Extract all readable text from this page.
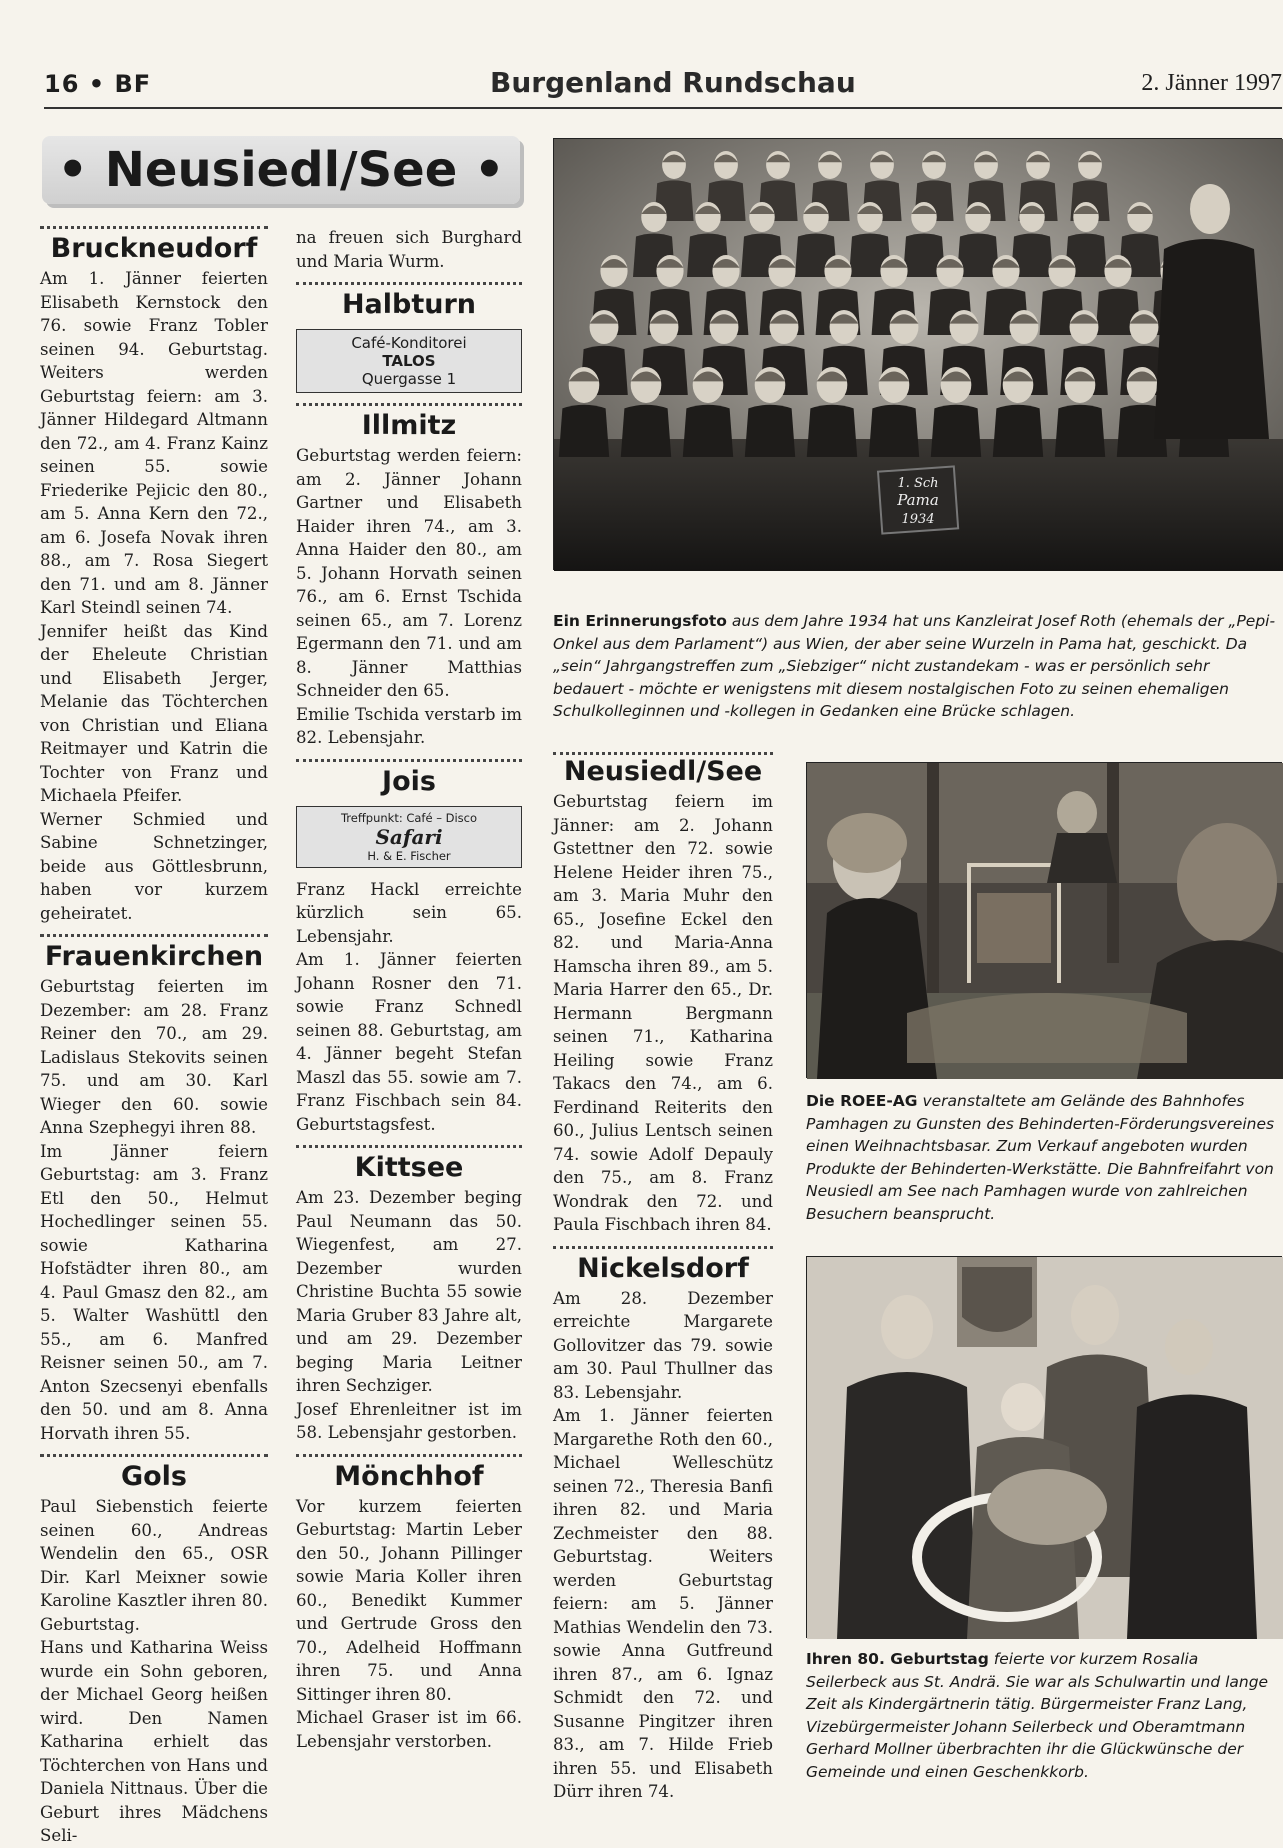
16 • BF	Burgenland Rundschau	2. Jänner 1997
• Neusiedl/See •
Bruckneudorf

Am 1. Jänner feierten Elisabeth Kernstock den 76. sowie Franz Tobler seinen 94. Geburtstag. Weiters werden Geburtstag feiern: am 3. Jänner Hildegard Altmann den 72., am 4. Franz Kainz seinen 55. sowie Friederike Pejicic den 80., am 5. Anna Kern den 72., am 6. Josefa Novak ihren 88., am 7. Rosa Siegert den 71. und am 8. Jänner Karl Steindl seinen 74.

Jennifer heißt das Kind der Eheleute Christian und Elisabeth Jerger, Melanie das Töchterchen von Christian und Eliana Reitmayer und Katrin die Tochter von Franz und Michaela Pfeifer.

Werner Schmied und Sabine Schnetzinger, beide aus Göttlesbrunn, haben vor kurzem geheiratet.

Frauenkirchen

Geburtstag feierten im Dezember: am 28. Franz Reiner den 70., am 29. Ladislaus Stekovits seinen 75. und am 30. Karl Wieger den 60. sowie Anna Szephegyi ihren 88.

Im Jänner feiern Geburtstag: am 3. Franz Etl den 50., Helmut Hochedlinger seinen 55. sowie Katharina Hofstädter ihren 80., am 4. Paul Gmasz den 82., am 5. Walter Washüttl den 55., am 6. Manfred Reisner seinen 50., am 7. Anton Szecsenyi ebenfalls den 50. und am 8. Anna Horvath ihren 55.

Gols

Paul Siebenstich feierte seinen 60., Andreas Wendelin den 65., OSR Dir. Karl Meixner sowie Karoline Kasztler ihren 80. Geburtstag.

Hans und Katharina Weiss wurde ein Sohn geboren, der Michael Georg heißen wird. Den Namen Katharina erhielt das Töchterchen von Hans und Daniela Nittnaus. Über die Geburt ihres Mädchens Seli-

na freuen sich Burghard und Maria Wurm.

Halbturn
Café-Konditorei
TALOS
Quergasse 1
Illmitz

Geburtstag werden feiern: am 2. Jänner Johann Gartner und Elisabeth Haider ihren 74., am 3. Anna Haider den 80., am 5. Johann Horvath seinen 76., am 6. Ernst Tschida seinen 65., am 7. Lorenz Egermann den 71. und am 8. Jänner Matthias Schneider den 65.

Emilie Tschida verstarb im 82. Lebensjahr.

Jois
Treffpunkt: Café – Disco
Safari
H. & E. Fischer

Franz Hackl erreichte kürzlich sein 65. Lebensjahr.

Am 1. Jänner feierten Johann Rosner den 71. sowie Franz Schnedl seinen 88. Geburtstag, am 4. Jänner begeht Stefan Maszl das 55. sowie am 7. Franz Fischbach sein 84. Geburtstagsfest.

Kittsee

Am 23. Dezember beging Paul Neumann das 50. Wiegenfest, am 27. Dezember wurden Christine Buchta 55 sowie Maria Gruber 83 Jahre alt, und am 29. Dezember beging Maria Leitner ihren Sechziger.

Josef Ehrenleitner ist im 58. Lebensjahr gestorben.

Mönchhof

Vor kurzem feierten Geburtstag: Martin Leber den 50., Johann Pillinger sowie Maria Koller ihren 60., Benedikt Kummer und Gertrude Gross den 70., Adelheid Hoffmann ihren 75. und Anna Sittinger ihren 80.

Michael Graser ist im 66. Lebensjahr verstorben.

1. Sch
Pama
1934
Ein Erinnerungsfoto aus dem Jahre 1934 hat uns Kanzleirat Josef Roth (ehemals der „Pepi-Onkel aus dem Parlament“) aus Wien, der aber seine Wurzeln in Pama hat, geschickt. Da „sein“ Jahrgangstreffen zum „Siebziger“ nicht zustandekam - was er persönlich sehr bedauert - möchte er wenigstens mit diesem nostalgischen Foto zu seinen ehemaligen Schulkolleginnen und -kollegen in Gedanken eine Brücke schlagen.
Neusiedl/See

Geburtstag feiern im Jänner: am 2. Johann Gstettner den 72. sowie Helene Heider ihren 75., am 3. Maria Muhr den 65., Josefine Eckel den 82. und Maria-Anna Hamscha ihren 89., am 5. Maria Harrer den 65., Dr. Hermann Bergmann seinen 71., Katharina Heiling sowie Franz Takacs den 74., am 6. Ferdinand Reiterits den 60., Julius Lentsch seinen 74. sowie Adolf Depauly den 75., am 8. Franz Wondrak den 72. und Paula Fischbach ihren 84.

Nickelsdorf

Am 28. Dezember erreichte Margarete Gollovitzer das 79. sowie am 30. Paul Thullner das 83. Lebensjahr.

Am 1. Jänner feierten Margarethe Roth den 60., Michael Welleschütz seinen 72., Theresia Banfi ihren 82. und Maria Zechmeister den 88. Geburtstag. Weiters werden Geburtstag feiern: am 5. Jänner Mathias Wendelin den 73. sowie Anna Gutfreund ihren 87., am 6. Ignaz Schmidt den 72. und Susanne Pingitzer ihren 83., am 7. Hilde Frieb ihren 55. und Elisabeth Dürr ihren 74.

Die ROEE-AG veranstaltete am Gelände des Bahnhofes Pamhagen zu Gunsten des Behinderten-Förderungsvereines einen Weihnachtsbasar. Zum Verkauf angeboten wurden Produkte der Behinderten-Werkstätte. Die Bahnfreifahrt von Neusiedl am See nach Pamhagen wurde von zahlreichen Besuchern beansprucht.
Ihren 80. Geburtstag feierte vor kurzem Rosalia Seilerbeck aus St. Andrä. Sie war als Schulwartin und lange Zeit als Kindergärtnerin tätig. Bürgermeister Franz Lang, Vizebürgermeister Johann Seilerbeck und Oberamtmann Gerhard Mollner überbrachten ihr die Glückwünsche der Gemeinde und einen Geschenkkorb.
